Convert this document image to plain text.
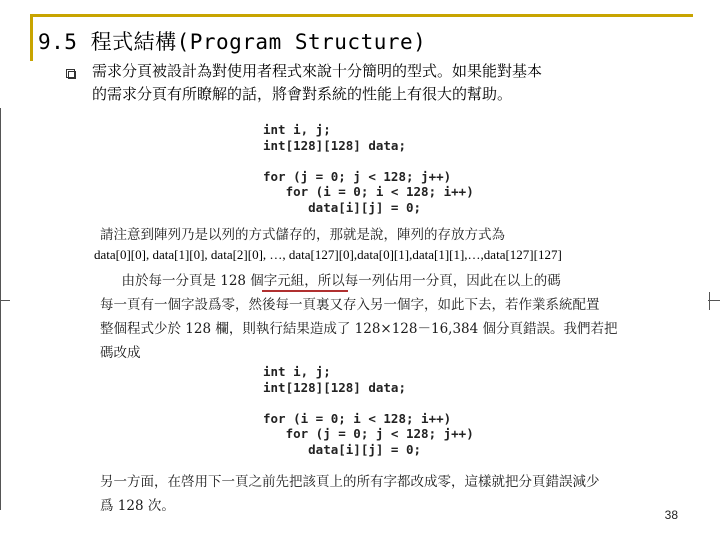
9.5 程式結構(Program Structure)
需求分頁被設計為對使用者程式來說十分簡明的型式。如果能對基本
的需求分頁有所瞭解的話，將會對系統的性能上有很大的幫助。
int i, j;
int[128][128] data;

for (j = 0; j < 128; j++)
for (i = 0; i < 128; i++)
data[i][j] = 0;
請注意到陣列乃是以列的方式儲存的，那就是說，陣列的存放方式為
data[0][0], data[1][0], data[2][0], …, data[127][0],data[0][1],data[1][1],…,data[127][127]
由於每一分頁是 128 個字元組，所以每一列佔用一分頁，因此在以上的碼
每一頁有一個字設爲零，然後每一頁裏又存入另一個字，如此下去，若作業系統配置
整個程式少於 128 欄，則執行結果造成了 128×128－16,384 個分頁錯誤。我們若把
碼改成
int i, j;
int[128][128] data;

for (i = 0; i < 128; i++)
for (j = 0; j < 128; j++)
data[i][j] = 0;
另一方面，在啓用下一頁之前先把該頁上的所有字都改成零，這樣就把分頁錯誤減少
爲 128 次。
38
